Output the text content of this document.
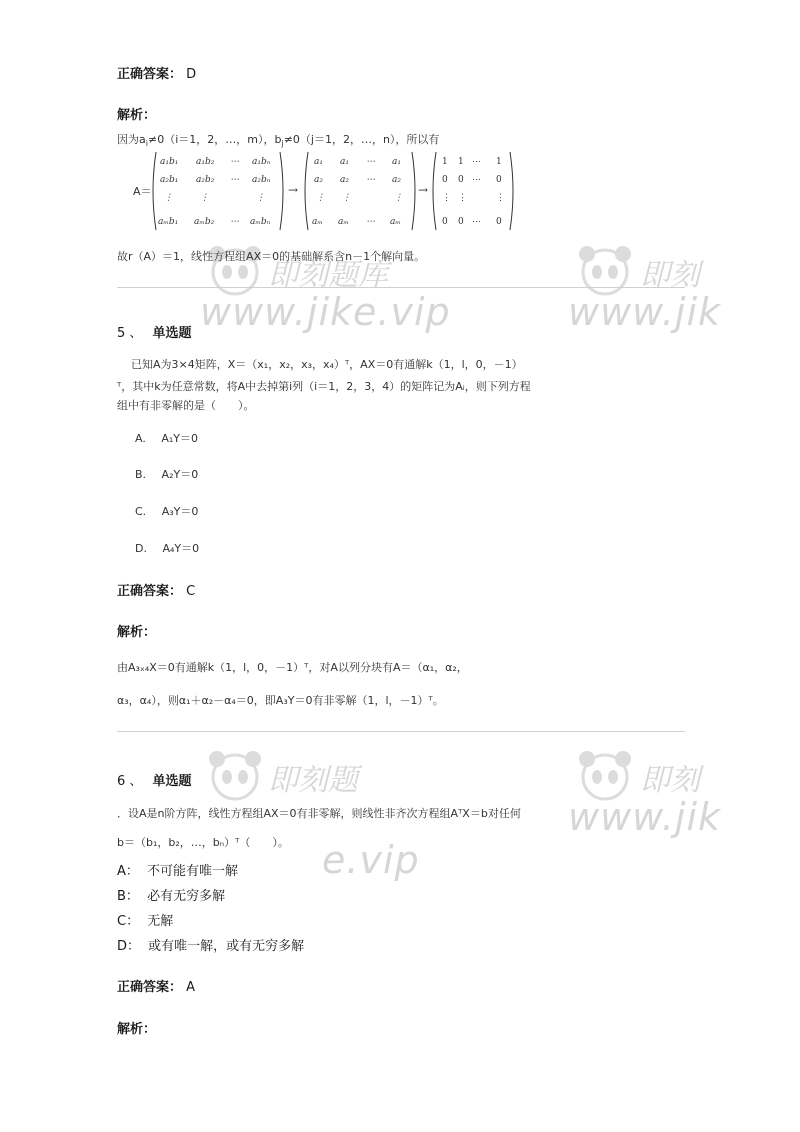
即刻题库
www.jike.vip
即刻
www.jik
即刻题
e.vip
即刻
www.jik
正确答案： D
解析：
因为$a_i\ne 0(i=1$，2，…，m），$b_j\ne 0(j=1$，2，…，n），所以有
A＝
a₁b₁ a₁b₂ ⋯ a₁bₙ
a₂b₁ a₂b₂ ⋯ a₂bₙ
⋮	⋮	⋮
aₘb₁ aₘb₂ ⋯ aₘbₙ
→
a₁ a₁ ⋯ a₁
a₂ a₂ ⋯ a₂
⋮ ⋮	⋮
aₘ aₘ ⋯ aₘ
→
1 1 ⋯ 1
0 0 ⋯ 0
⋮ ⋮	⋮
0 0 ⋯ 0
故r（A）＝1，线性方程组AX＝0的基础解系含n－1个解向量。
5 、 单选题
已知A为3×4矩阵，X＝（x₁，x₂，x₃，x₄）ᵀ，AX＝0有通解k（1，l，0，－1）
ᵀ，其中k为任意常数，将A中去掉第i列（i＝1，2，3，4）的矩阵记为Aᵢ，则下列方程
组中有非零解的是（　　）。
A. A₁Y＝0
B. A₂Y＝0
C. A₃Y＝0
D. A₄Y＝0
正确答案： C
解析：
由A₃ₓ₄X＝0有通解k（1，l，0，－1）ᵀ，对A以列分块有A＝（α₁，α₂，
α₃，α₄），则α₁＋α₂－α₄＝0，即A₃Y＝0有非零解（1，l，－1）ᵀ。
6 、 单选题
．设A是n阶方阵，线性方程组AX＝0有非零解，则线性非齐次方程组AᵀX＝b对任何
b＝（b₁，b₂，…，bₙ）ᵀ（　　）。
A： 不可能有唯一解
B： 必有无穷多解
C： 无解
D： 或有唯一解，或有无穷多解
正确答案： A
解析：
